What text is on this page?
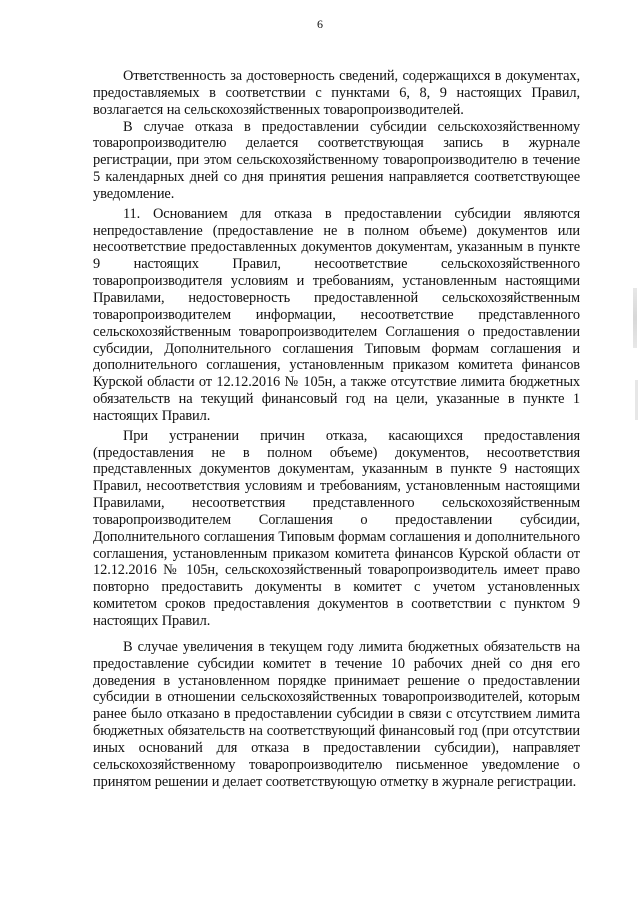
6

Ответственность за достоверность сведений, содержащихся в документах, предоставляемых в соответствии с пунктами 6, 8, 9 настоящих Правил, возлагается на сельскохозяйственных товаропроизводителей.

В случае отказа в предоставлении субсидии сельскохозяйственному товаропроизводителю делается соответствующая запись в журнале регистрации, при этом сельскохозяйственному товаропроизводителю в течение 5 календарных дней со дня принятия решения направляется соответствующее уведомление.

11. Основанием для отказа в предоставлении субсидии являются непредоставление (предоставление не в полном объеме) документов или несоответствие предоставленных документов документам, указанным в пункте 9 настоящих Правил, несоответствие сельскохозяйственного товаропроизводителя условиям и требованиям, установленным настоящими Правилами, недостоверность предоставленной сельскохозяйственным товаропроизводителем информации, несоответствие представленного сельскохозяйственным товаропроизводителем Соглашения о предоставлении субсидии, Дополнительного соглашения Типовым формам соглашения и дополнительного соглашения, установленным приказом комитета финансов Курской области от 12.12.2016 № 105н, а также отсутствие лимита бюджетных обязательств на текущий финансовый год на цели, указанные в пункте 1 настоящих Правил.

При устранении причин отказа, касающихся предоставления (предоставления не в полном объеме) документов, несоответствия представленных документов документам, указанным в пункте 9 настоящих Правил, несоответствия условиям и требованиям, установленным настоящими Правилами, несоответствия представленного сельскохозяйственным товаропроизводителем Соглашения о предоставлении субсидии, Дополнительного соглашения Типовым формам соглашения и дополнительного соглашения, установленным приказом комитета финансов Курской области от 12.12.2016 № 105н, сельскохозяйственный товаропроизводитель имеет право повторно предоставить документы в комитет с учетом установленных комитетом сроков предоставления документов в соответствии с пунктом 9 настоящих Правил.

В случае увеличения в текущем году лимита бюджетных обязательств на предоставление субсидии комитет в течение 10 рабочих дней со дня его доведения в установленном порядке принимает решение о предоставлении субсидии в отношении сельскохозяйственных товаропроизводителей, которым ранее было отказано в предоставлении субсидии в связи с отсутствием лимита бюджетных обязательств на соответствующий финансовый год (при отсутствии иных оснований для отказа в предоставлении субсидии), направляет сельскохозяйственному товаропроизводителю письменное уведомление о принятом решении и делает соответствующую отметку в журнале регистрации.
